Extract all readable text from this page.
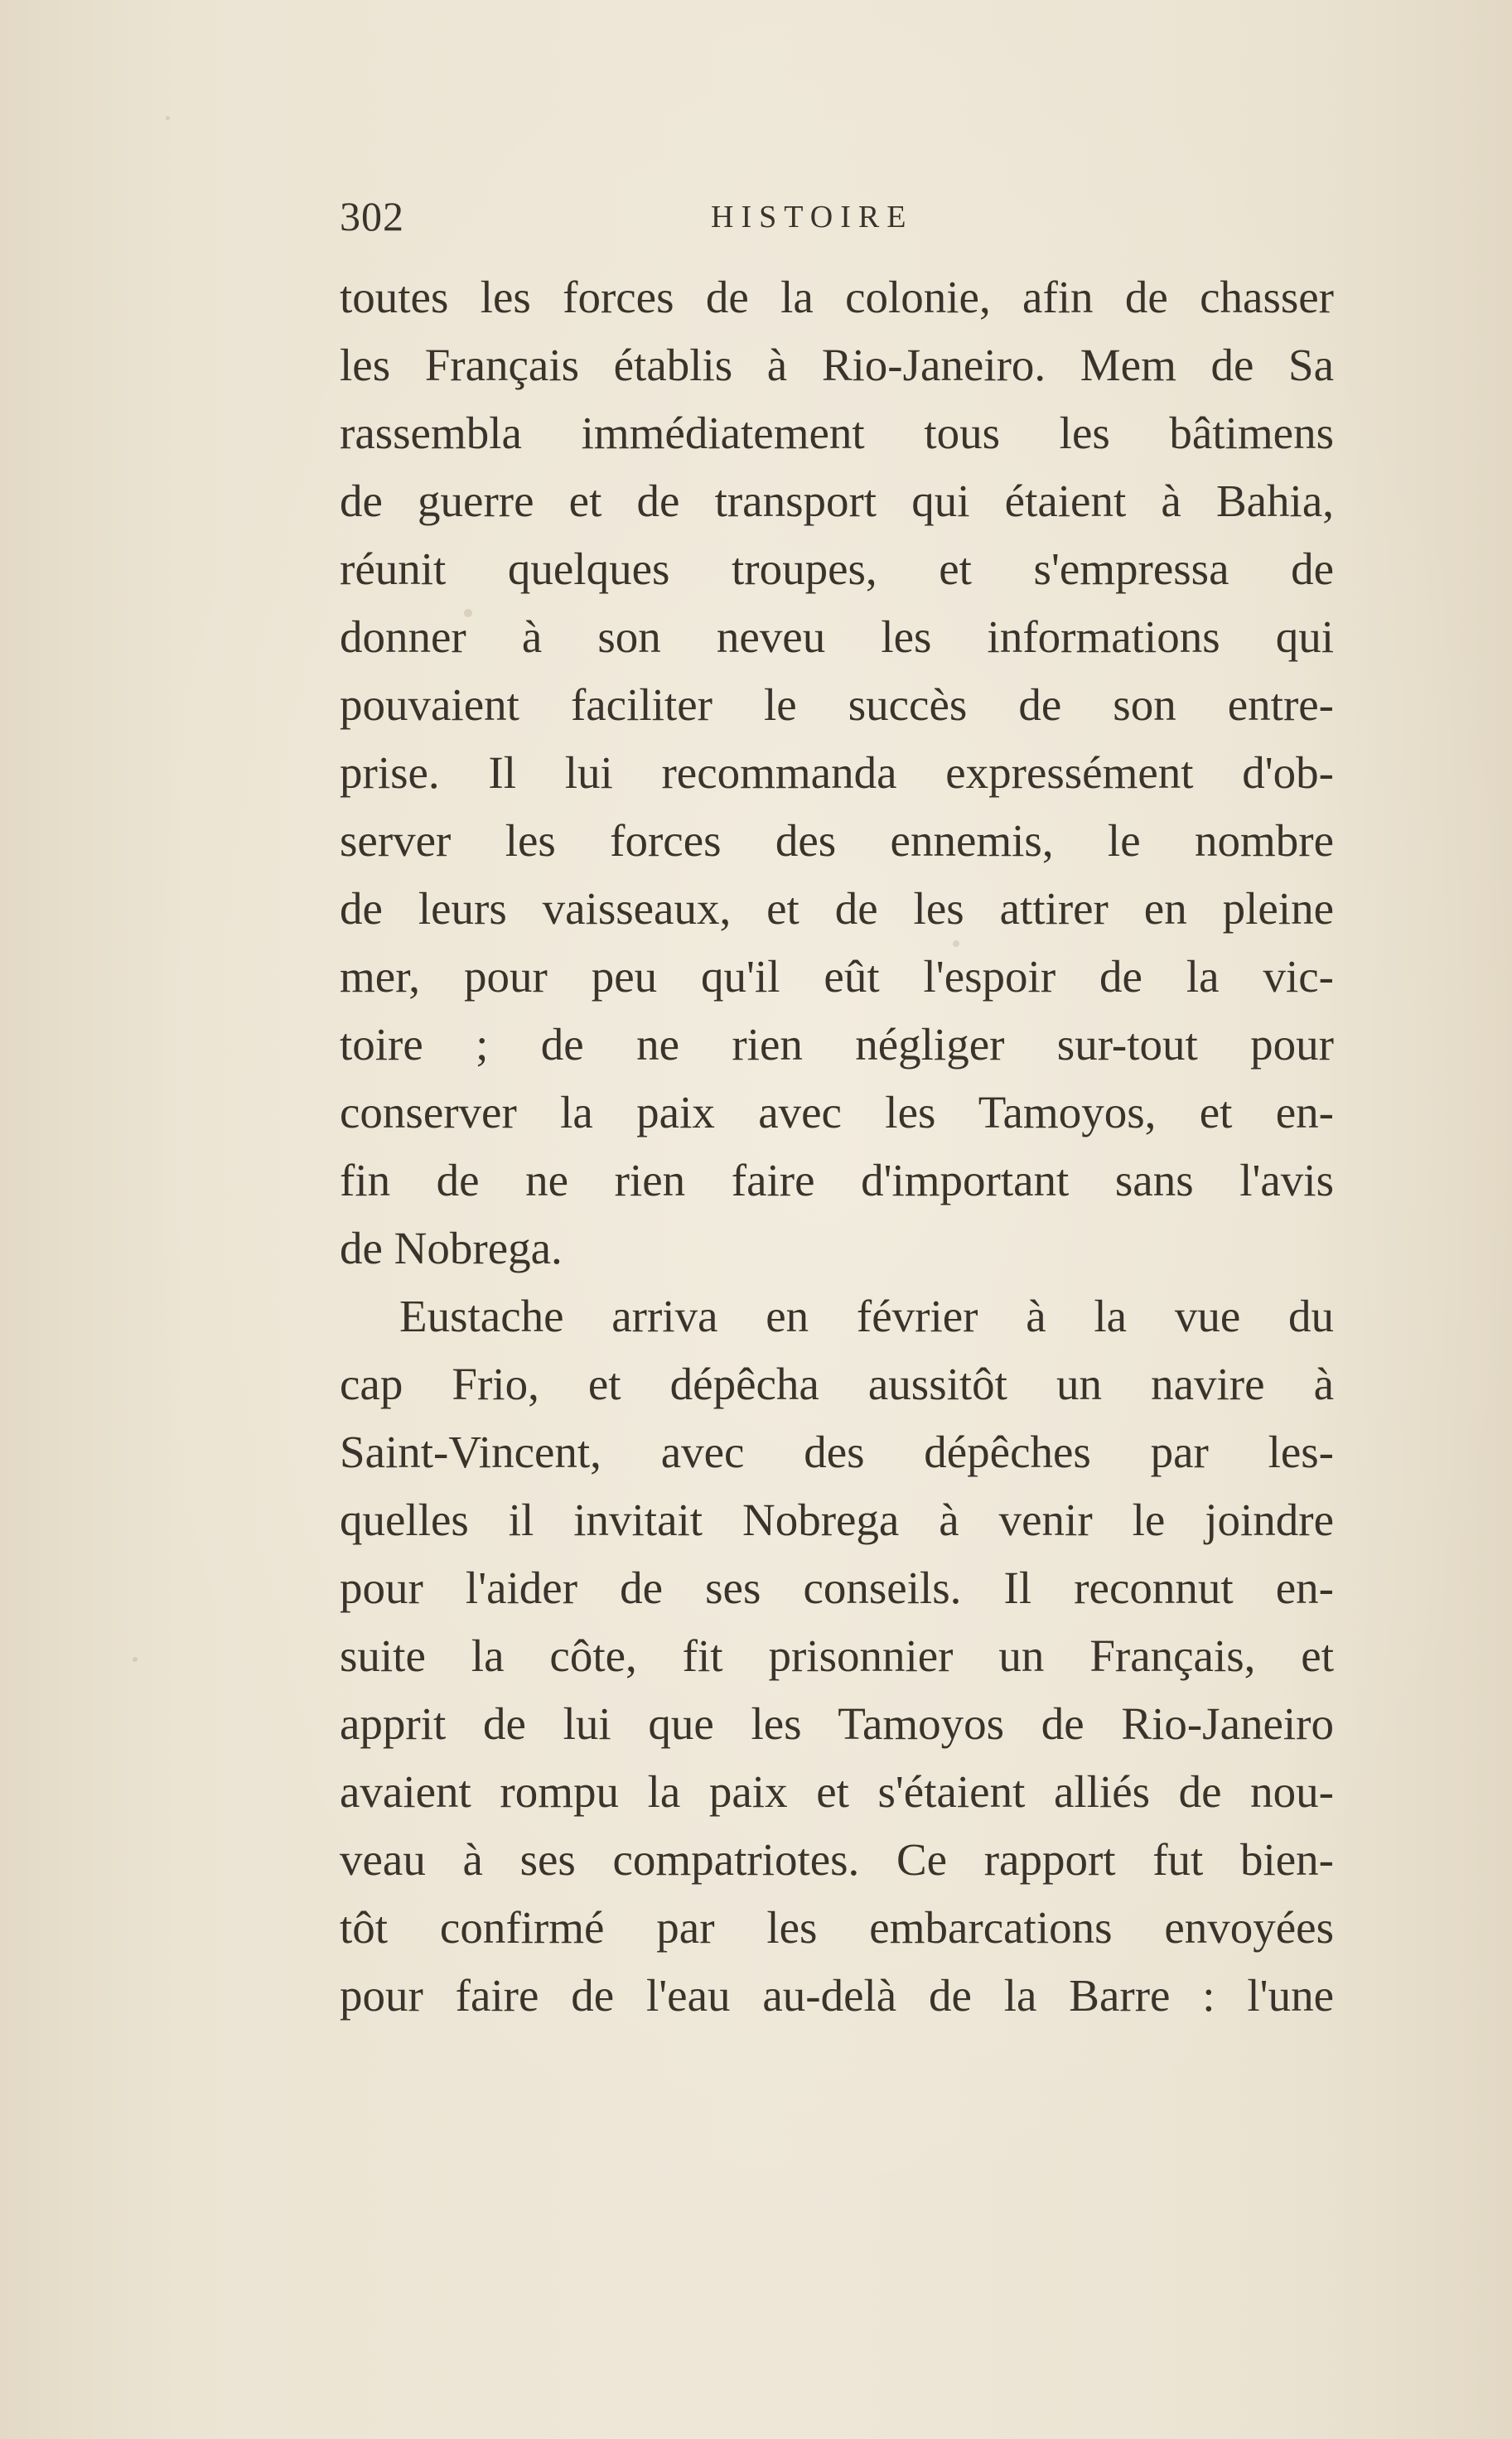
302	HISTOIRE
toutes les forces de la colonie, afin de chasser
les Français établis à Rio-Janeiro. Mem de Sa
rassembla immédiatement tous les bâtimens
de guerre et de transport qui étaient à Bahia,
réunit quelques troupes, et s'empressa de
donner à son neveu les informations qui
pouvaient faciliter le succès de son entre-
prise. Il lui recommanda expressément d'ob-
server les forces des ennemis, le nombre
de leurs vaisseaux, et de les attirer en pleine
mer, pour peu qu'il eût l'espoir de la vic-
toire ; de ne rien négliger sur-tout pour
conserver la paix avec les Tamoyos, et en-
fin de ne rien faire d'important sans l'avis
de Nobrega.
Eustache arriva en février à la vue du
cap Frio, et dépêcha aussitôt un navire à
Saint-Vincent, avec des dépêches par les-
quelles il invitait Nobrega à venir le joindre
pour l'aider de ses conseils. Il reconnut en-
suite la côte, fit prisonnier un Français, et
apprit de lui que les Tamoyos de Rio-Janeiro
avaient rompu la paix et s'étaient alliés de nou-
veau à ses compatriotes. Ce rapport fut bien-
tôt confirmé par les embarcations envoyées
pour faire de l'eau au-delà de la Barre : l'une
